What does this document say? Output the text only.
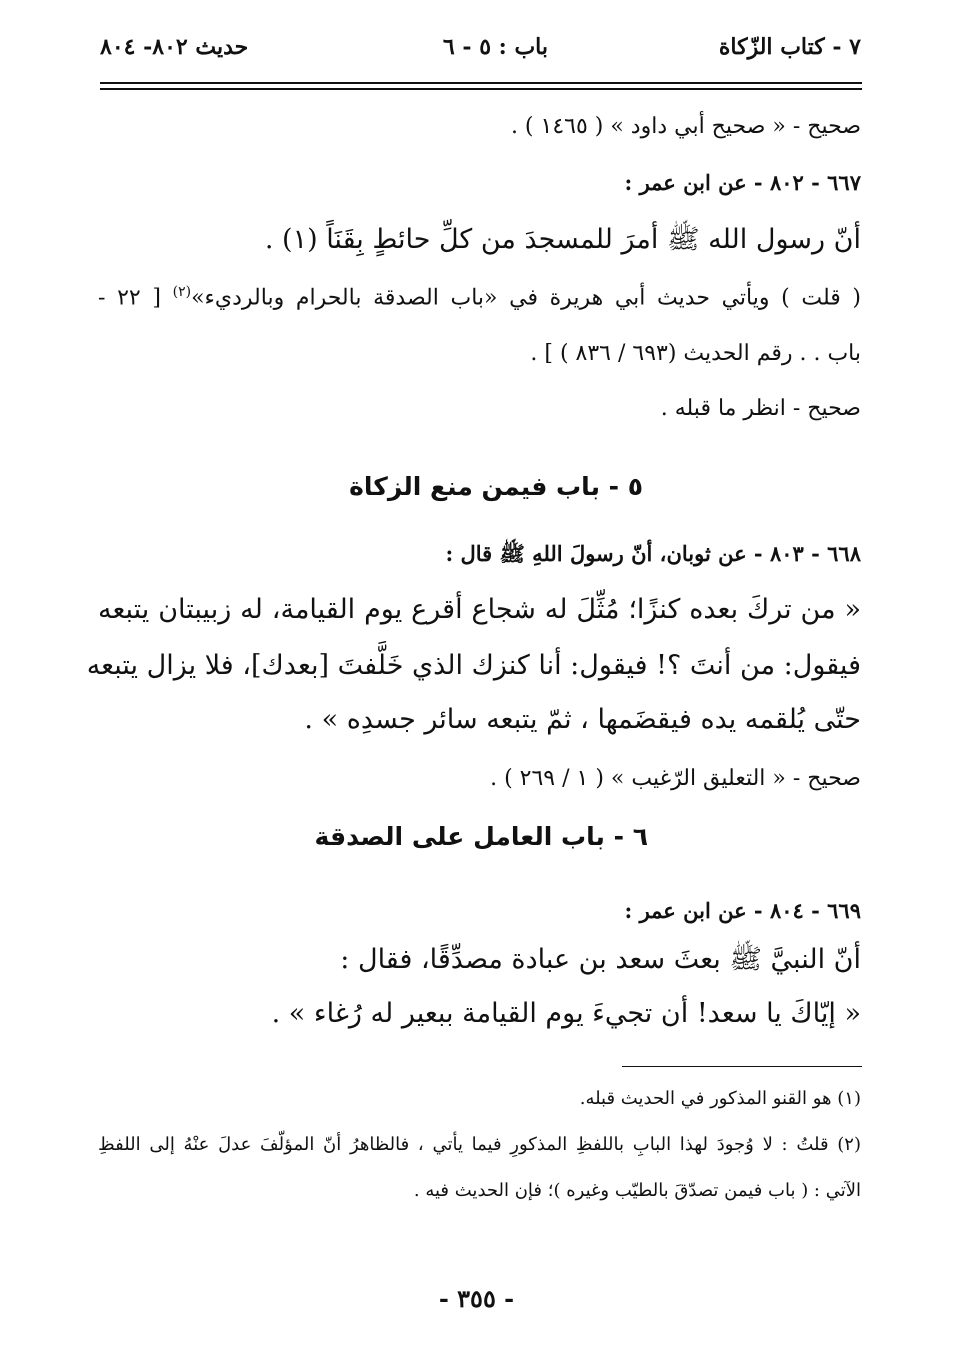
٧ - كتاب الزّكاة
باب : ٥ - ٦
حديث ٨٠٢- ٨٠٤
صحيح - « صحيح أبي داود » ( ١٤٦٥ ) .
٦٦٧ - ٨٠٢ - عن ابن عمر :
أنّ رسول الله ﷺ أمرَ للمسجدَ من كلِّ حائطٍ بِقَنَاً (١) .
( قلت ) ويأتي حديث أبي هريرة في «باب الصدقة بالحرام وبالرديء»$^{(٢)}$ [ ٢٢ -
باب . . رقم الحديث (٦٩٣ / ٨٣٦ ) ] .
صحيح - انظر ما قبله .
٥ - باب فيمن منع الزكاة
٦٦٨ - ٨٠٣ - عن ثوبان، أنّ رسولَ اللهِ ﷺ قال :
« من تركَ بعده كنزًا؛ مُثِّلَ له شجاع أقرع يوم القيامة، له زبيبتان يتبعه
فيقول: من أنتَ ؟! فيقول: أنا كنزك الذي خَلَّفتَ [بعدك]، فلا يزال يتبعه
حتّى يُلقمه يده فيقضَمها ، ثمّ يتبعه سائر جسدِه » .
صحيح - « التعليق الرّغيب » ( ١ / ٢٦٩ ) .
٦ - باب العامل على الصدقة
٦٦٩ - ٨٠٤ - عن ابن عمر :
أنّ النبيَّ ﷺ بعثَ سعد بن عبادة مصدِّقًا، فقال :
« إيّاكَ يا سعد! أن تجيءَ يوم القيامة ببعير له رُغاء » .
(١) هو القنو المذكور في الحديث قبله.
(٢) قلتُ : لا وُجودَ لهذا البابِ باللفظِ المذكورِ فيما يأتي ، فالظاهرُ أنّ المؤلّفَ عدلَ عنْهُ إلى اللفظِ
الآتي : ( باب فيمن تصدّقَ بالطيّب وغيره )؛ فإن الحديث فيه .
- ٣٥٥ -
